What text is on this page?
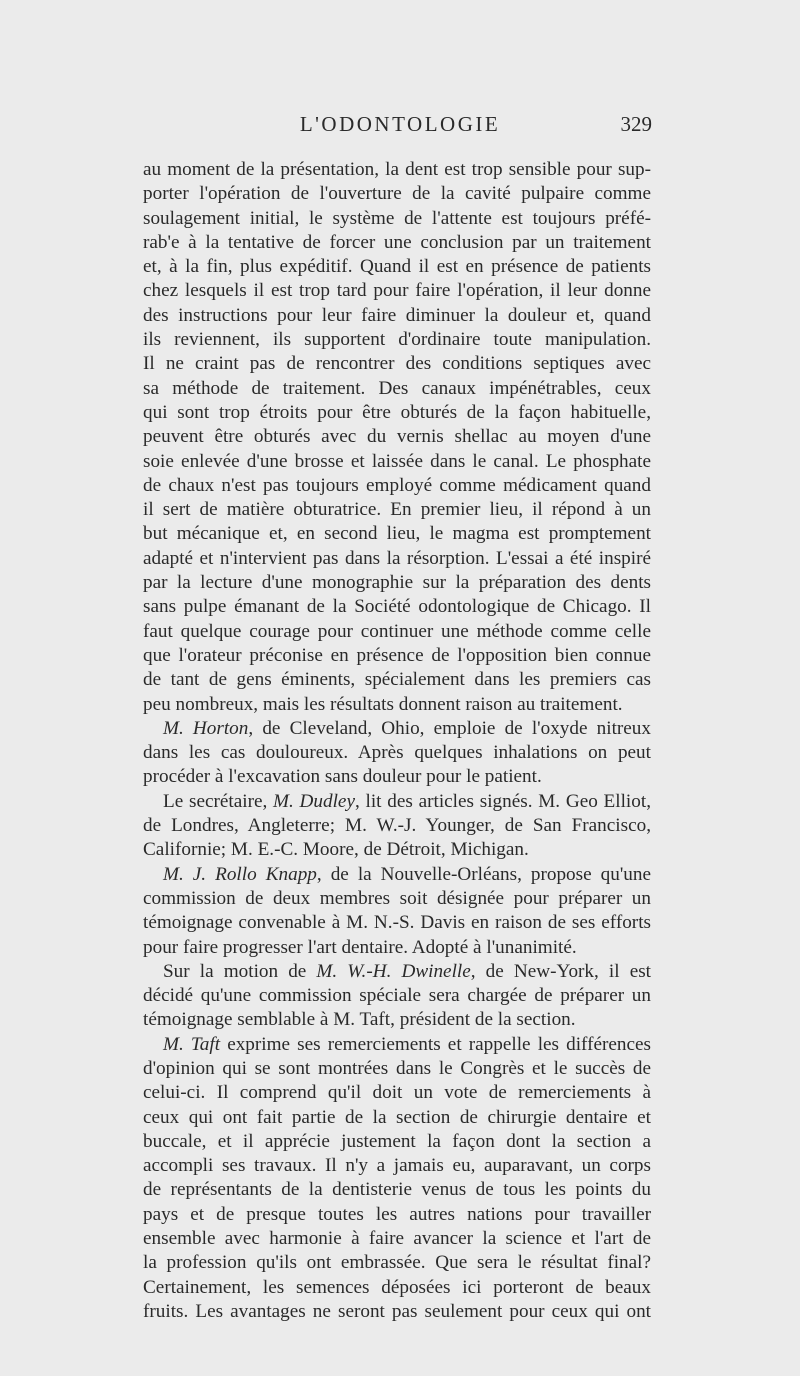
L'ODONTOLOGIE	329
au moment de la présentation, la dent est trop sensible pour sup-
porter l'opération de l'ouverture de la cavité pulpaire comme
soulagement initial, le système de l'attente est toujours préfé-
rab'e à la tentative de forcer une conclusion par un traitement
et, à la fin, plus expéditif. Quand il est en présence de patients
chez lesquels il est trop tard pour faire l'opération, il leur donne
des instructions pour leur faire diminuer la douleur et, quand
ils reviennent, ils supportent d'ordinaire toute manipulation.
Il ne craint pas de rencontrer des conditions septiques avec
sa méthode de traitement. Des canaux impénétrables, ceux
qui sont trop étroits pour être obturés de la façon habituelle,
peuvent être obturés avec du vernis shellac au moyen d'une
soie enlevée d'une brosse et laissée dans le canal. Le phosphate
de chaux n'est pas toujours employé comme médicament quand
il sert de matière obturatrice. En premier lieu, il répond à un
but mécanique et, en second lieu, le magma est promptement
adapté et n'intervient pas dans la résorption. L'essai a été inspiré
par la lecture d'une monographie sur la préparation des dents
sans pulpe émanant de la Société odontologique de Chicago. Il
faut quelque courage pour continuer une méthode comme celle
que l'orateur préconise en présence de l'opposition bien connue
de tant de gens éminents, spécialement dans les premiers cas
peu nombreux, mais les résultats donnent raison au traitement.
M. Horton, de Cleveland, Ohio, emploie de l'oxyde nitreux
dans les cas douloureux. Après quelques inhalations on peut
procéder à l'excavation sans douleur pour le patient.
Le secrétaire, M. Dudley, lit des articles signés. M. Geo Elliot,
de Londres, Angleterre; M. W.-J. Younger, de San Francisco,
Californie; M. E.-C. Moore, de Détroit, Michigan.
M. J. Rollo Knapp, de la Nouvelle-Orléans, propose qu'une
commission de deux membres soit désignée pour préparer un
témoignage convenable à M. N.-S. Davis en raison de ses efforts
pour faire progresser l'art dentaire. Adopté à l'unanimité.
Sur la motion de M. W.-H. Dwinelle, de New-York, il est
décidé qu'une commission spéciale sera chargée de préparer un
témoignage semblable à M. Taft, président de la section.
M. Taft exprime ses remerciements et rappelle les différences
d'opinion qui se sont montrées dans le Congrès et le succès de
celui-ci. Il comprend qu'il doit un vote de remerciements à
ceux qui ont fait partie de la section de chirurgie dentaire et
buccale, et il apprécie justement la façon dont la section a
accompli ses travaux. Il n'y a jamais eu, auparavant, un corps
de représentants de la dentisterie venus de tous les points du
pays et de presque toutes les autres nations pour travailler
ensemble avec harmonie à faire avancer la science et l'art de
la profession qu'ils ont embrassée. Que sera le résultat final?
Certainement, les semences déposées ici porteront de beaux
fruits. Les avantages ne seront pas seulement pour ceux qui ont
